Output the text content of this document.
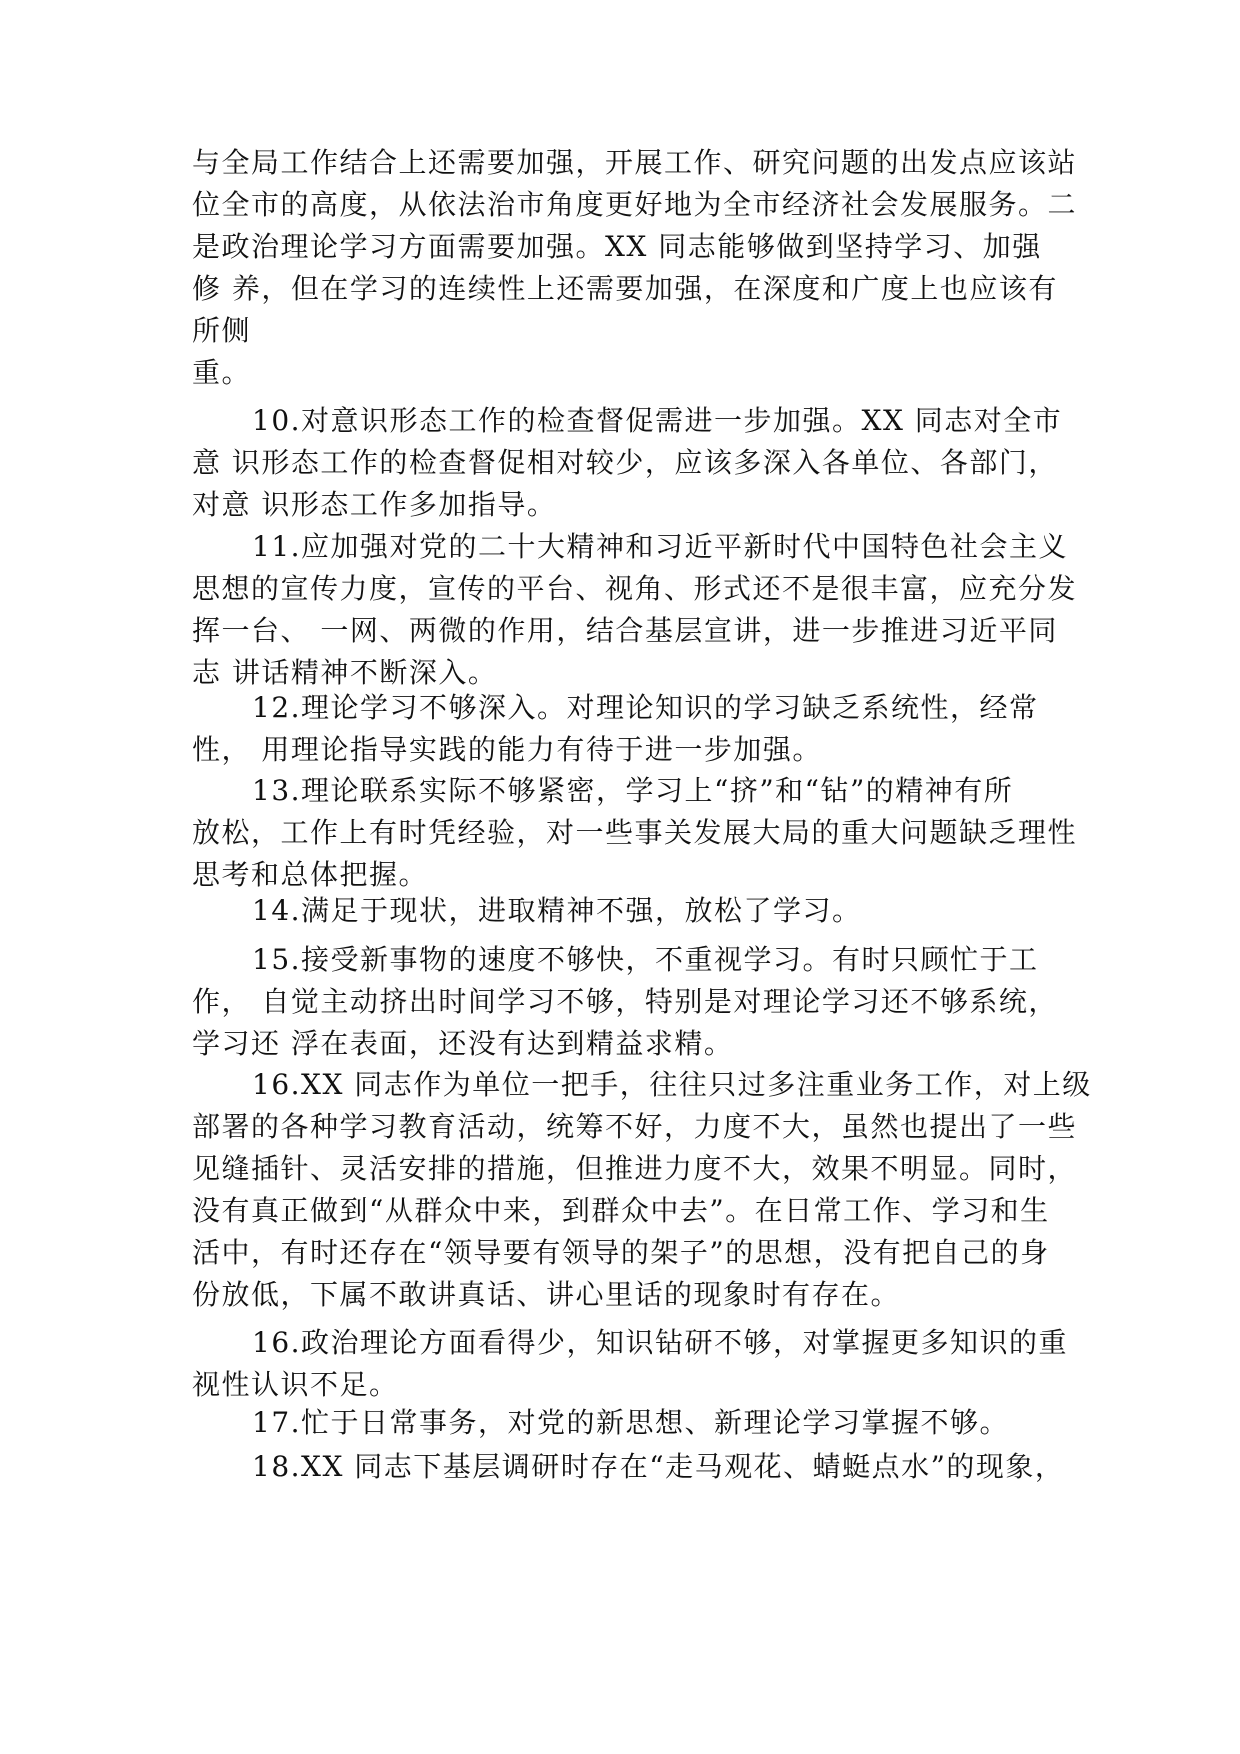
与全局工作结合上还需要加强，开展工作、研究问题的出发点应该站
位全市的高度，从依法治市角度更好地为全市经济社会发展服务。二
是政治理论学习方面需要加强。XX 同志能够做到坚持学习、加强
修 养，但在学习的连续性上还需要加强，在深度和广度上也应该有
所侧
重。
10.对意识形态工作的检查督促需进一步加强。XX 同志对全市
意 识形态工作的检查督促相对较少，应该多深入各单位、各部门，
对意 识形态工作多加指导。
11.应加强对党的二十大精神和习近平新时代中国特色社会主义
思想的宣传力度，宣传的平台、视角、形式还不是很丰富，应充分发
挥一台、 一网、两微的作用，结合基层宣讲，进一步推进习近平同
志 讲话精神不断深入。
12.理论学习不够深入。对理论知识的学习缺乏系统性，经常
性， 用理论指导实践的能力有待于进一步加强。
13.理论联系实际不够紧密，学习上“挤”和“钻”的精神有所
放松，工作上有时凭经验，对一些事关发展大局的重大问题缺乏理性
思考和总体把握。
14.满足于现状，进取精神不强，放松了学习。
15.接受新事物的速度不够快，不重视学习。有时只顾忙于工
作， 自觉主动挤出时间学习不够，特别是对理论学习还不够系统，
学习还 浮在表面，还没有达到精益求精。
16.XX 同志作为单位一把手，往往只过多注重业务工作，对上级
部署的各种学习教育活动，统筹不好，力度不大，虽然也提出了一些
见缝插针、灵活安排的措施，但推进力度不大，效果不明显。同时，
没有真正做到“从群众中来，到群众中去”。在日常工作、学习和生
活中，有时还存在“领导要有领导的架子”的思想，没有把自己的身
份放低，下属不敢讲真话、讲心里话的现象时有存在。
16.政治理论方面看得少，知识钻研不够，对掌握更多知识的重
视性认识不足。
17.忙于日常事务，对党的新思想、新理论学习掌握不够。
18.XX 同志下基层调研时存在“走马观花、蜻蜓点水”的现象，
